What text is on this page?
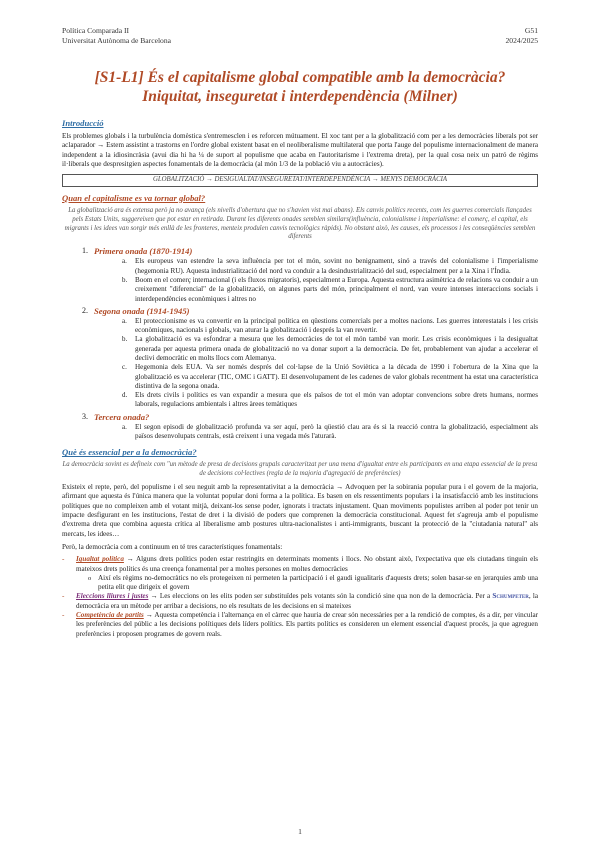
Política Comparada II
Universitat Autònoma de Barcelona
G51
2024/2025
[S1-L1] És el capitalisme global compatible amb la democràcia?
Iniquitat, inseguretat i interdependència (Milner)
Introducció

Els problemes globals i la turbulència domèstica s'entremesclen i es reforcen mútuament. El xoc tant per a la globalització com per a les democràcies liberals pot ser aclaparador → Estem assistint a trastorns en l'ordre global existent basat en el neoliberalisme multilateral que porta l'auge del populisme internacionalment de manera independent a la idiosincràsia (avui dia hi ha ¼ de suport al populisme que acaba en l'autoritarisme i l'extrema dreta), per la qual cosa neix un patró de règims il·liberals que despresitgien aspectes fonamentals de la democràcia (al món 1/3 de la població viu a autocràcies).

GLOBALITZACIÓ → DESIGUALTAT/INSEGURETAT/INTERDEPENDÈNCIA → MENYS DEMOCRÀCIA
Quan el capitalisme es va tornar global?
La globalització ara és extensa però ja no avança (els nivells d'obertura que no s'havien vist mai abans). Els canvis polítics recents, com les guerres comercials llançades pels Estats Units, suggereixen que pot estar en retirada. Durant les diferents onades semblen similars(influència, colonialisme i imperialisme: el comerç, el capital, els migrants i les idees van sorgir més enllà de les fronteres, menteix produïen canvis tecnològics ràpids). No obstant això, les causes, els processos i les conseqüències semblen diferents
1. Primera onada (1870-1914)
a.	Els europeus van estendre la seva influència per tot el món, sovint no benignament, sinó a través del colonialisme i l'imperialisme (hegemonia RU). Aquesta industrialització del nord va conduir a la desindustrialització del sud, especialment per a la Xina i l'Índia.

b.	Boom en el comerç internacional (i els fluxos migratoris), especialment a Europa. Aquesta estructura asimètrica de relacions va conduir a un creixement "diferencial" de la globalització, on algunes parts del món, principalment el nord, van veure intenses interaccions socials i interdependències econòmiques i altres no

2. Segona onada (1914-1945)
a.	El proteccionisme es va convertir en la principal política en qüestions comercials per a moltes nacions. Les guerres interestatals i les crisis econòmiques, nacionals i globals, van aturar la globalització i després la van revertir.

b.	La globalització es va esfondrar a mesura que les democràcies de tot el món també van morir. Les crisis econòmiques i la desigualtat generada per aquesta primera onada de globalització no va donar suport a la democràcia. De fet, probablement van ajudar a accelerar el declivi democràtic en molts llocs com Alemanya.

c.	Hegemonia dels EUA. Va ser només després del col·lapse de la Unió Soviètica a la dècada de 1990 i l'obertura de la Xina que la globalització es va accelerar (TIC, OMC i GATT). El desenvolupament de les cadenes de valor globals recentment ha estat una característica distintiva de la segona onada.

d.	Els drets civils i polítics es van expandir a mesura que els països de tot el món van adoptar convencions sobre drets humans, normes laborals, regulacions ambientals i altres àrees temàtiques

3. Tercera onada?
a.	El segon episodi de globalització profunda va ser aquí, però la qüestió clau ara és si la reacció contra la globalització, especialment als països desenvolupats centrals, està creixent i una vegada més l'aturarà.

Què és essencial per a la democràcia?
La democràcia sovint es defineix com "un mètode de presa de decisions grupals caracteritzat per una mena d'igualtat entre els participants en una etapa essencial de la presa de decisions col·lectives (regla de la majoria d'agregació de preferències)

Existeix el repte, però, del populisme i el seu neguit amb la representativitat a la democràcia → Advoquen per la sobirania popular pura i el govern de la majoria, afirmant que aquesta és l'única manera que la voluntat popular doni forma a la política. Es basen en els ressentiments populars i la insatisfacció amb les institucions polítiques que no compleixen amb el votant mitjà, deixant-los sense poder, ignorats i tractats injustament. Quan moviments populistes arriben al poder pot tenir un impacte desfigurant en les institucions, l'estat de dret i la divisió de poders que comprenen la democràcia constitucional. Aquest fet s'agreuja amb el populisme d'extrema dreta que combina aquesta crítica al liberalisme amb postures ultra-nacionalistes i anti-immigrants, buscant la protecció de la "ciutadania natural" als mercats, les idees…

Però, la democràcia com a continuum en té tres característiques fonamentals:

-	Igualtat política → Alguns drets polítics poden estar restringits en determinats moments i llocs. No obstant això, l'expectativa que els ciutadans tinguin els mateixos drets polítics és una creença fonamental per a moltes persones en moltes democràcies

o Així els règims no-democràtics no els protegeixen ni permeten la participació i el gaudi igualitaris d'aquests drets; solen basar-se en jerarquies amb una petita elit que dirigeix el govern

-	Eleccions lliures i justes → Les eleccions on les elits poden ser substituïdes pels votants són la condició sine qua non de la democràcia. Per a Schumpeter, la democràcia era un mètode per arribar a decisions, no els resultats de les decisions en si mateixes

-	Competència de partits → Aquesta competència i l'alternança en el càrrec que hauria de crear són necessàries per a la rendició de comptes, és a dir, per vincular les preferències del públic a les decisions polítiques dels líders polítics. Els partits polítics es consideren un element essencial d'aquest procés, ja que agreguen preferències i proposen programes de govern reals.

1
